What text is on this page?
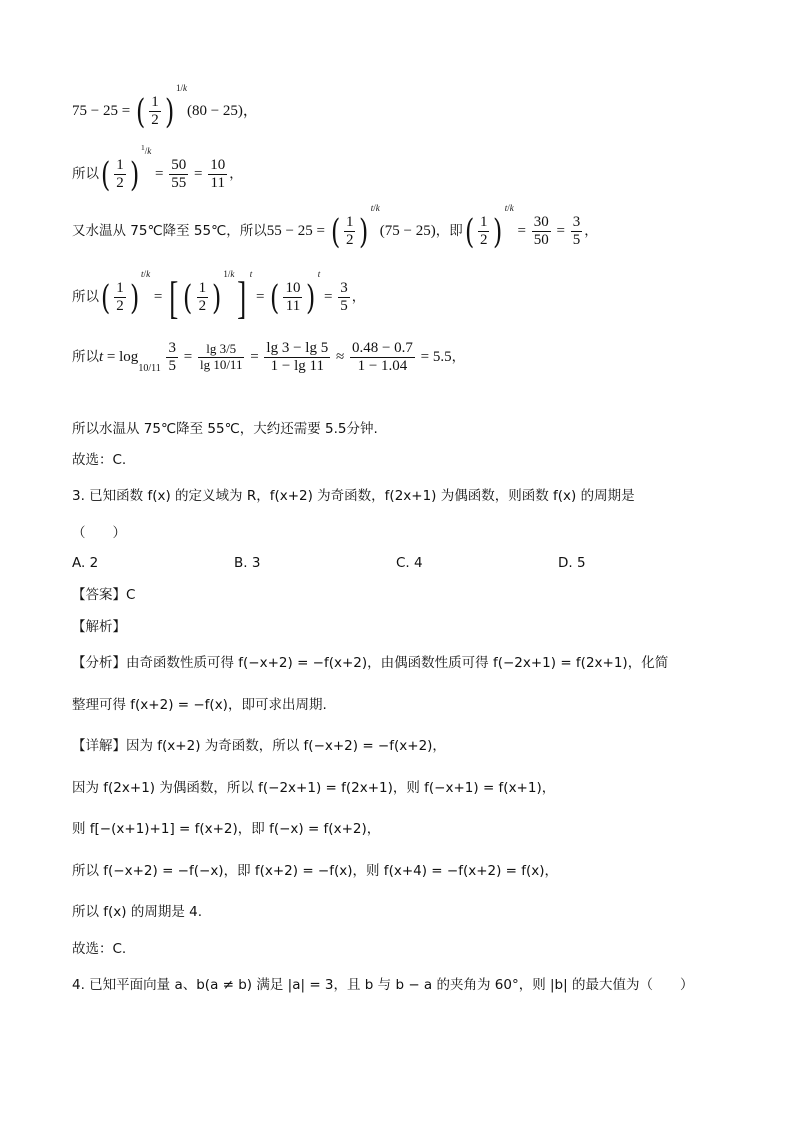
75 − 25 = ( $\frac{1}{2} )^{1/k}(80 - 25)$，
所以( $\frac{1}{2} )^{^1/k} = \frac{50}{55} = \frac{10}{11}$ ，
又水温从 75℃降至 55℃，所以55 − 25 = ( $\frac{1}{2} )^{t/k}(75 - 25)$，即( $\frac{1}{2} )^{t/k} = \frac{30}{50} = \frac{3}{5}$ ，
所以( $\frac{1}{2} )^{t/k}$ = [ ( $\frac{1}{2} )^{1/k}$] $^t$ = ( $\frac{10}{11} )^t = \frac{3}{5}$ ，
所以$t = \log_{10/11} \frac{3}{5} = \frac{\lg 3/5}{\lg 10/11} = \frac{\lg 3 - \lg 5}{1 - \lg 11} \approx \frac{0.48 - 0.7}{1 - 1.04} = 5.5$，
所以水温从 75℃降至 55℃，大约还需要 5.5分钟.
故选：C.
3. 已知函数 f(x) 的定义域为 R，f(x+2) 为奇函数，f(2x+1) 为偶函数，则函数 f(x) 的周期是
（　　）
A. 2	B. 3	C. 4	D. 5
【答案】C
【解析】
【分析】由奇函数性质可得 f(−x+2) = −f(x+2)，由偶函数性质可得 f(−2x+1) = f(2x+1)，化简
整理可得 f(x+2) = −f(x)，即可求出周期.
【详解】因为 f(x+2) 为奇函数，所以 f(−x+2) = −f(x+2)，
因为 f(2x+1) 为偶函数，所以 f(−2x+1) = f(2x+1)，则 f(−x+1) = f(x+1)，
则 f[−(x+1)+1] = f(x+2)，即 f(−x) = f(x+2)，
所以 f(−x+2) = −f(−x)，即 f(x+2) = −f(x)，则 f(x+4) = −f(x+2) = f(x)，
所以 f(x) 的周期是 4.
故选：C.
4. 已知平面向量 a、b(a ≠ b) 满足 |a| = 3，且 b 与 b − a 的夹角为 60°，则 |b| 的最大值为（　　）
